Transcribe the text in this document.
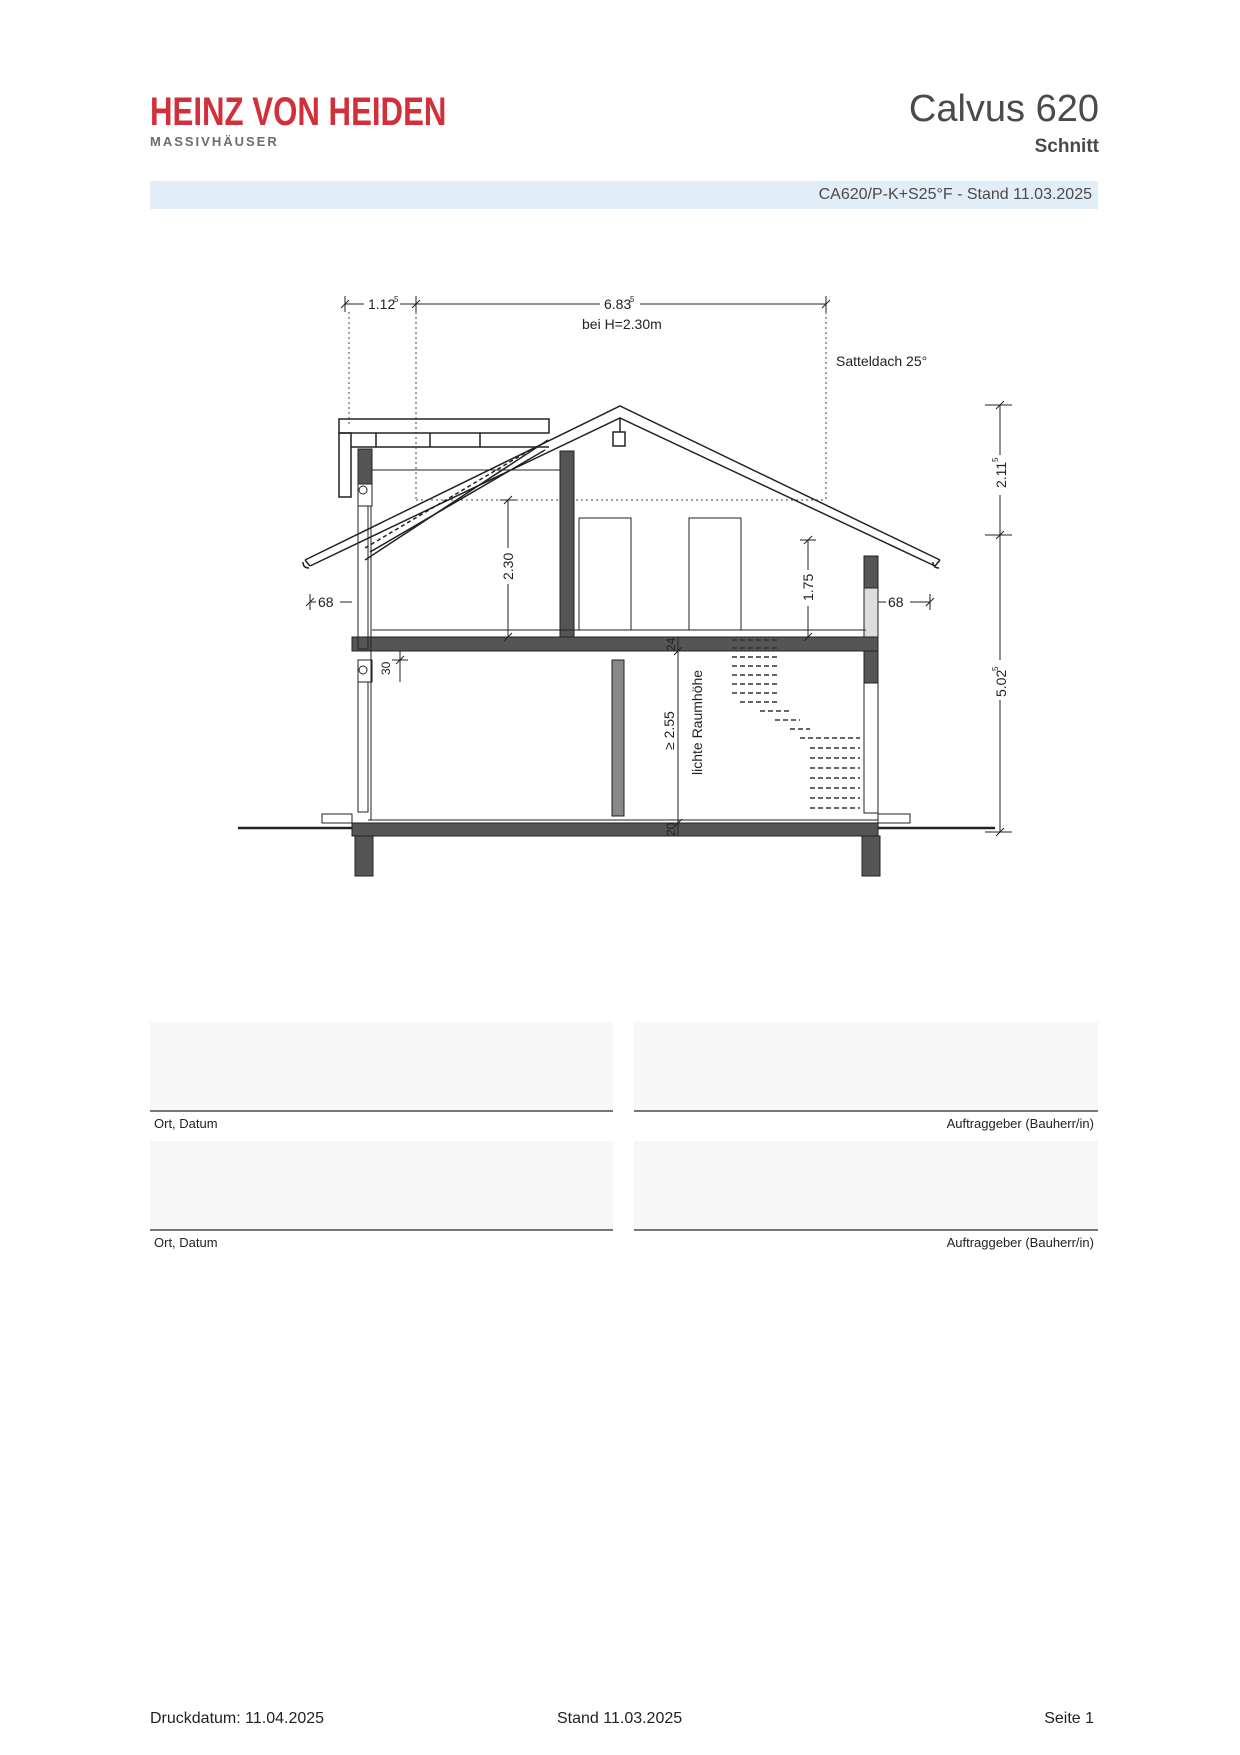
HEINZ VON HEIDEN
MASSIVHÄUSER
Calvus 620
Schnitt
CA620/P-K+S25°F - Stand 11.03.2025
1.12
5	6.83
5
bei H=2.30m
Satteldach 25°
2.11
5
5.02
5
2.30
1.75
68	68
24
30
≥ 2.55 lichte Raumhöhe
20
Ort, Datum	Auftraggeber (Bauherr/in)
Ort, Datum	Auftraggeber (Bauherr/in)
Druckdatum: 11.04.2025	Stand 11.03.2025	Seite 1
